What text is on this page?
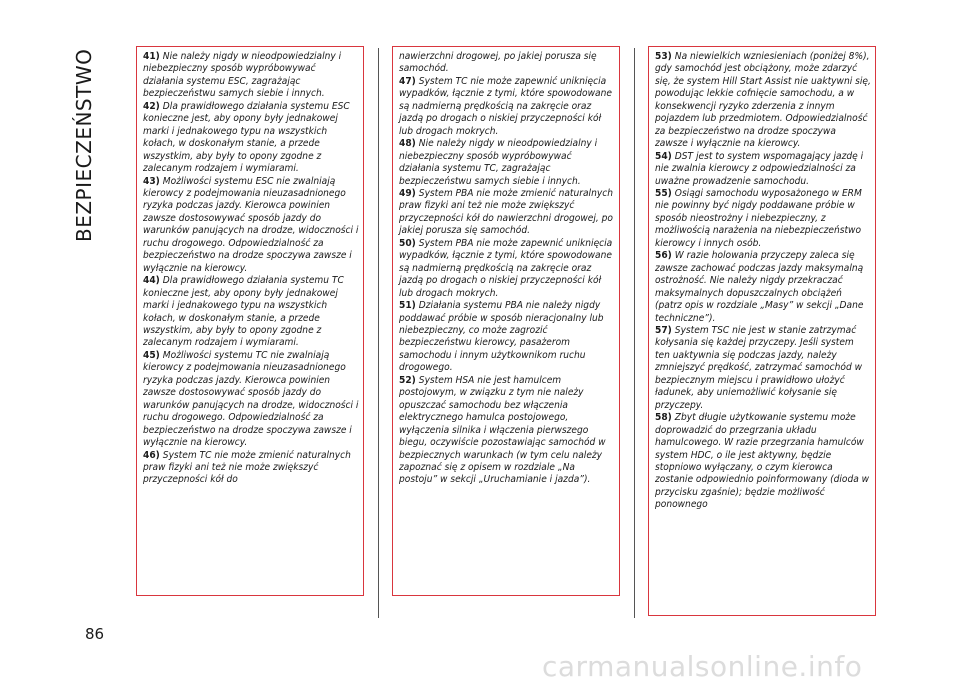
BEZPIECZEŃSTWO	41) Nie należy nigdy w nieodpowiedzialny i niebezpieczny sposób wypróbowywać działania systemu ESC, zagrażając bezpieczeństwu samych siebie i innych.

42) Dla prawidłowego działania systemu ESC konieczne jest, aby opony były jednakowej marki i jednakowego typu na wszystkich kołach, w doskonałym stanie, a przede wszystkim, aby były to opony zgodne z zalecanym rodzajem i wymiarami.

43) Możliwości systemu ESC nie zwalniają kierowcy z podejmowania nieuzasadnionego ryzyka podczas jazdy. Kierowca powinien zawsze dostosowywać sposób jazdy do warunków panujących na drodze, widoczności i ruchu drogowego. Odpowiedzialność za bezpieczeństwo na drodze spoczywa zawsze i wyłącznie na kierowcy.

44) Dla prawidłowego działania systemu TC konieczne jest, aby opony były jednakowej marki i jednakowego typu na wszystkich kołach, w doskonałym stanie, a przede wszystkim, aby były to opony zgodne z zalecanym rodzajem i wymiarami.

45) Możliwości systemu TC nie zwalniają kierowcy z podejmowania nieuzasadnionego ryzyka podczas jazdy. Kierowca powinien zawsze dostosowywać sposób jazdy do warunków panujących na drodze, widoczności i ruchu drogowego. Odpowiedzialność za bezpieczeństwo na drodze spoczywa zawsze i wyłącznie na kierowcy.

46) System TC nie może zmienić naturalnych praw fizyki ani też nie może zwiększyć przyczepności kół do

nawierzchni drogowej, po jakiej porusza się samochód.

47) System TC nie może zapewnić uniknięcia wypadków, łącznie z tymi, które spowodowane są nadmierną prędkością na zakręcie oraz jazdą po drogach o niskiej przyczepności kół lub drogach mokrych.

48) Nie należy nigdy w nieodpowiedzialny i niebezpieczny sposób wypróbowywać działania systemu TC, zagrażając bezpieczeństwu samych siebie i innych.

49) System PBA nie może zmienić naturalnych praw fizyki ani też nie może zwiększyć przyczepności kół do nawierzchni drogowej, po jakiej porusza się samochód.

50) System PBA nie może zapewnić uniknięcia wypadków, łącznie z tymi, które spowodowane są nadmierną prędkością na zakręcie oraz jazdą po drogach o niskiej przyczepności kół lub drogach mokrych.

51) Działania systemu PBA nie należy nigdy poddawać próbie w sposób nieracjonalny lub niebezpieczny, co może zagrozić bezpieczeństwu kierowcy, pasażerom samochodu i innym użytkownikom ruchu drogowego.

52) System HSA nie jest hamulcem postojowym, w związku z tym nie należy opuszczać samochodu bez włączenia elektrycznego hamulca postojowego, wyłączenia silnika i włączenia pierwszego biegu, oczywiście pozostawiając samochód w bezpiecznych warunkach (w tym celu należy zapoznać się z opisem w rozdziale „Na postoju” w sekcji „Uruchamianie i jazda”).

53) Na niewielkich wzniesieniach (poniżej 8%), gdy samochód jest obciążony, może zdarzyć się, że system Hill Start Assist nie uaktywni się, powodując lekkie cofnięcie samochodu, a w konsekwencji ryzyko zderzenia z innym pojazdem lub przedmiotem. Odpowiedzialność za bezpieczeństwo na drodze spoczywa zawsze i wyłącznie na kierowcy.

54) DST jest to system wspomagający jazdę i nie zwalnia kierowcy z odpowiedzialności za uważne prowadzenie samochodu.

55) Osiągi samochodu wyposażonego w ERM nie powinny być nigdy poddawane próbie w sposób nieostrożny i niebezpieczny, z możliwością narażenia na niebezpieczeństwo kierowcy i innych osób.

56) W razie holowania przyczepy zaleca się zawsze zachować podczas jazdy maksymalną ostrożność. Nie należy nigdy przekraczać maksymalnych dopuszczalnych obciążeń (patrz opis w rozdziale „Masy” w sekcji „Dane techniczne”).

57) System TSC nie jest w stanie zatrzymać kołysania się każdej przyczepy. Jeśli system ten uaktywnia się podczas jazdy, należy zmniejszyć prędkość, zatrzymać samochód w bezpiecznym miejscu i prawidłowo ułożyć ładunek, aby uniemożliwić kołysanie się przyczepy.

58) Zbyt długie użytkowanie systemu może doprowadzić do przegrzania układu hamulcowego. W razie przegrzania hamulców system HDC, o ile jest aktywny, będzie stopniowo wyłączany, o czym kierowca zostanie odpowiednio poinformowany (dioda w przycisku zgaśnie); będzie możliwość ponownego

86
carmanualsonline.info
